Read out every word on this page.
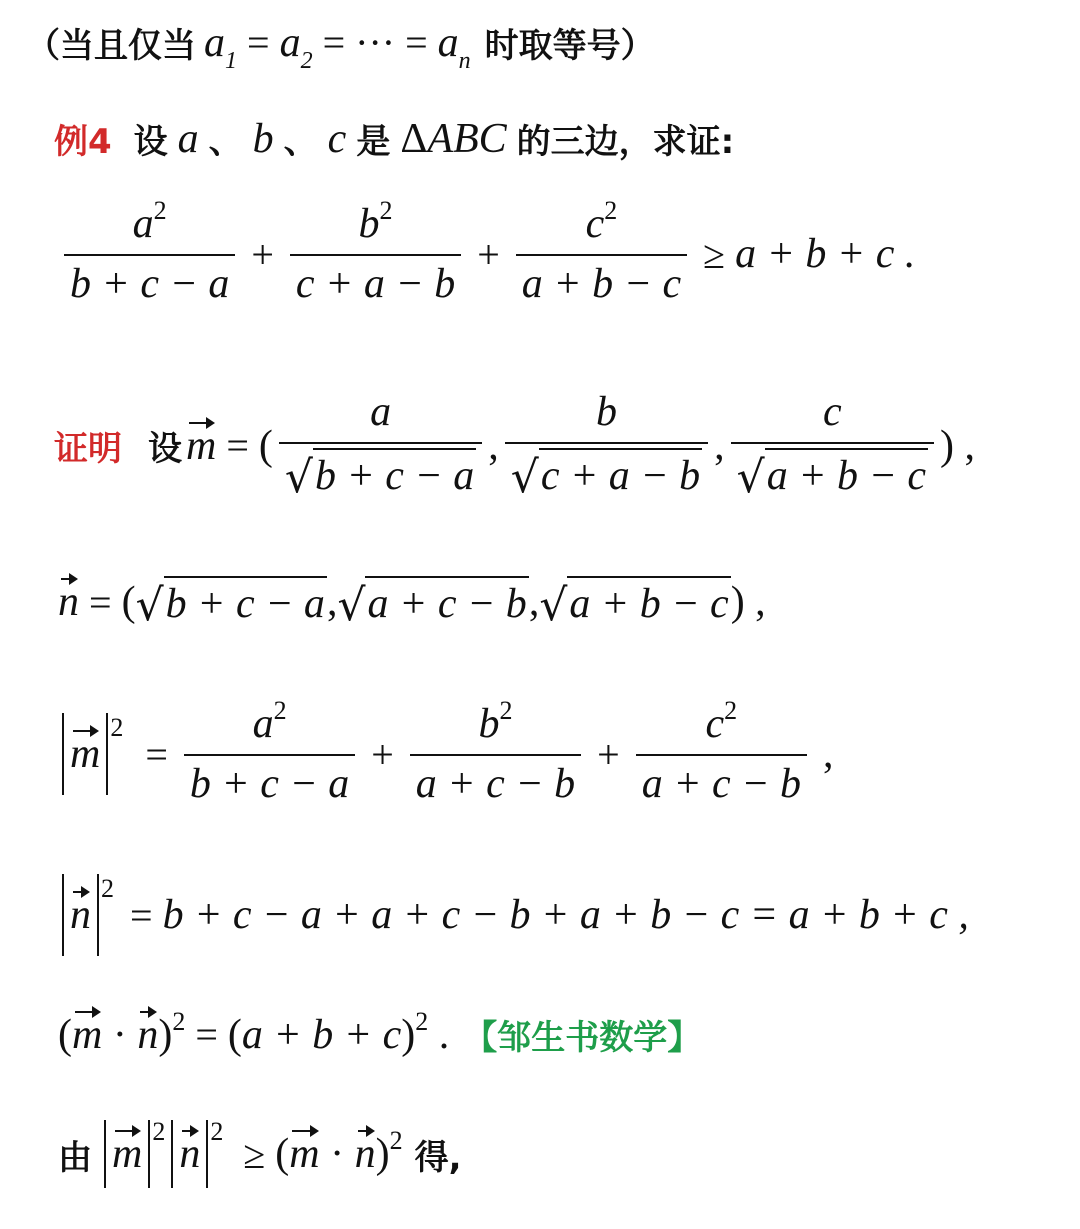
（当且仅当 $a_1 = a_2$ = ··· = $a_n$ 时取等号）
例4 设 a 、 b 、 c 是 ΔABC 的三边，求证:
$\frac{a^2}{b + c - a} + \frac{b^2}{c + a - b} + \frac{c^2}{a + b - c} \ge a + b + c$ .
证明 设 m = ( $\frac{a}{√ b + c - a}$ , $\frac{b}{√ c + a - b}$ , $\frac{c}{√ a + b - c}$ ) ,
n = ( √ b + c − a , √ a + c − b , √ a + b − c ) ,
m
2
= $\frac{a^2}{b + c - a} + \frac{b^2}{a + c - b} + \frac{c^2}{a + c - b}$ ,
n
2
= b + c − a + a + c − b + a + b − c = a + b + c ,
$(m \cdot n)^2 = (a + b + c)^2$ . 【邹生书数学】
由 m 2 n $2 \ge (m \cdot n)^2$ 得,
